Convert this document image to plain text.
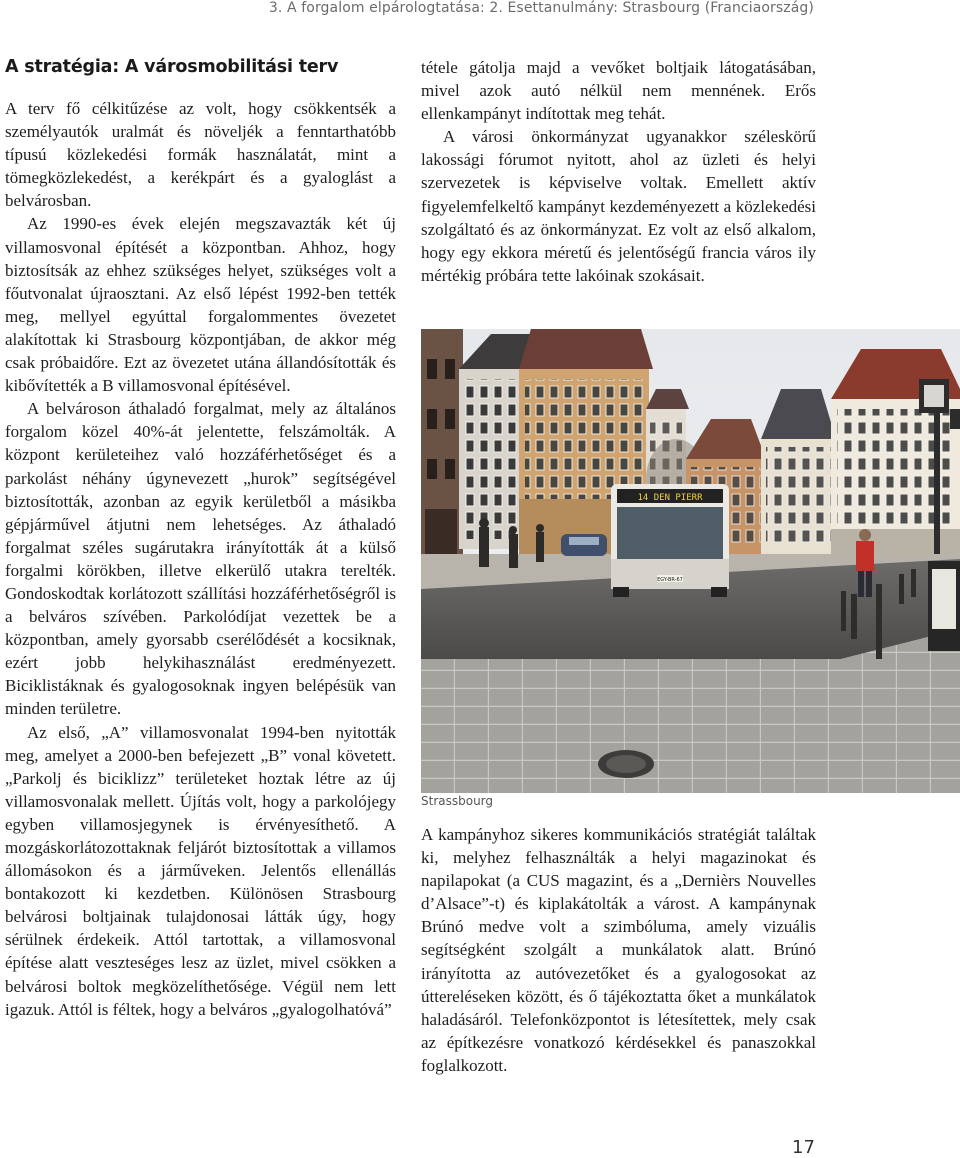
3. A forgalom elpárologtatása: 2. Esettanulmány: Strasbourg (Franciaország)
A stratégia: A városmobilitási terv

A terv fő célkitűzése az volt, hogy csökkentsék a személyautók uralmát és növeljék a fenntarthatóbb típusú közlekedési formák használatát, mint a tömegközlekedést, a kerékpárt és a gyaloglást a belvárosban.

Az 1990-es évek elején megszavazták két új villamosvonal építését a központban. Ahhoz, hogy biztosítsák az ehhez szükséges helyet, szükséges volt a főutvonalat újraosztani. Az első lépést 1992-ben tették meg, mellyel egyúttal forgalommentes övezetet alakítottak ki Strasbourg központjában, de akkor még csak próbaidőre. Ezt az övezetet utána állandósították és kibővítették a B villamosvonal építésével.

A belvároson áthaladó forgalmat, mely az általános forgalom közel 40%-át jelentette, felszámolták. A központ kerületeihez való hozzáférhetőséget és a parkolást néhány úgynevezett „hurok” segítségével biztosították, azonban az egyik kerületből a másikba gépjárművel átjutni nem lehetséges. Az áthaladó forgalmat széles sugárutakra irányították át a külső forgalmi körökben, illetve elkerülő utakra terelték. Gondoskodtak korlátozott szállítási hozzáférhetőségről is a belváros szívében. Parkolódíjat vezettek be a központban, amely gyorsabb cserélődését a kocsiknak, ezért jobb helykihasználást eredményezett. Biciklistáknak és gyalogosoknak ingyen belépésük van minden területre.

Az első, „A” villamosvonalat 1994-ben nyitották meg, amelyet a 2000-ben befejezett „B” vonal követett. „Parkolj és biciklizz” területeket hoztak létre az új villamosvonalak mellett. Újítás volt, hogy a parkolójegy egyben villamosjegynek is érvényesíthető. A mozgáskorlátozottaknak feljárót biztosítottak a villamos állomásokon és a járműveken. Jelentős ellenállás bontakozott ki kezdetben. Különösen Strasbourg belvárosi boltjainak tulajdonosai látták úgy, hogy sérülnek érdekeik. Attól tartottak, a villamosvonal építése alatt veszteséges lesz az üzlet, mivel csökken a belvárosi boltok megközelíthetősége. Végül nem lett igazuk. Attól is féltek, hogy a belváros „gyalogolhatóvá”

tétele gátolja majd a vevőket boltjaik látogatásában, mivel azok autó nélkül nem mennének. Erős ellenkampányt indítottak meg tehát.

A városi önkormányzat ugyanakkor széleskörű lakossági fórumot nyitott, ahol az üzleti és helyi szervezetek is képviselve voltak. Emellett aktív figyelemfelkeltő kampányt kezdeményezett a közlekedési szolgáltató és az önkormányzat. Ez volt az első alkalom, hogy egy ekkora méretű és jelentőségű francia város ily mértékig próbára tette lakóinak szokásait.

14 DEN PIERR
EGY-BR-67
Strassbourg

A kampányhoz sikeres kommunikációs stratégiát találtak ki, melyhez felhasználták a helyi magazinokat és napilapokat (a CUS magazint, és a „Dernièrs Nouvelles d’Alsace”-t) és kiplakátolták a várost. A kampánynak Brúnó medve volt a szimbóluma, amely vizuális segítségként szolgált a munkálatok alatt. Brúnó irányította az autóvezetőket és a gyalogosokat az úttereléseken között, és ő tájékoztatta őket a munkálatok haladásáról. Telefonközpontot is létesítettek, mely csak az építkezésre vonatkozó kérdésekkel és panaszokkal foglalkozott.

17
